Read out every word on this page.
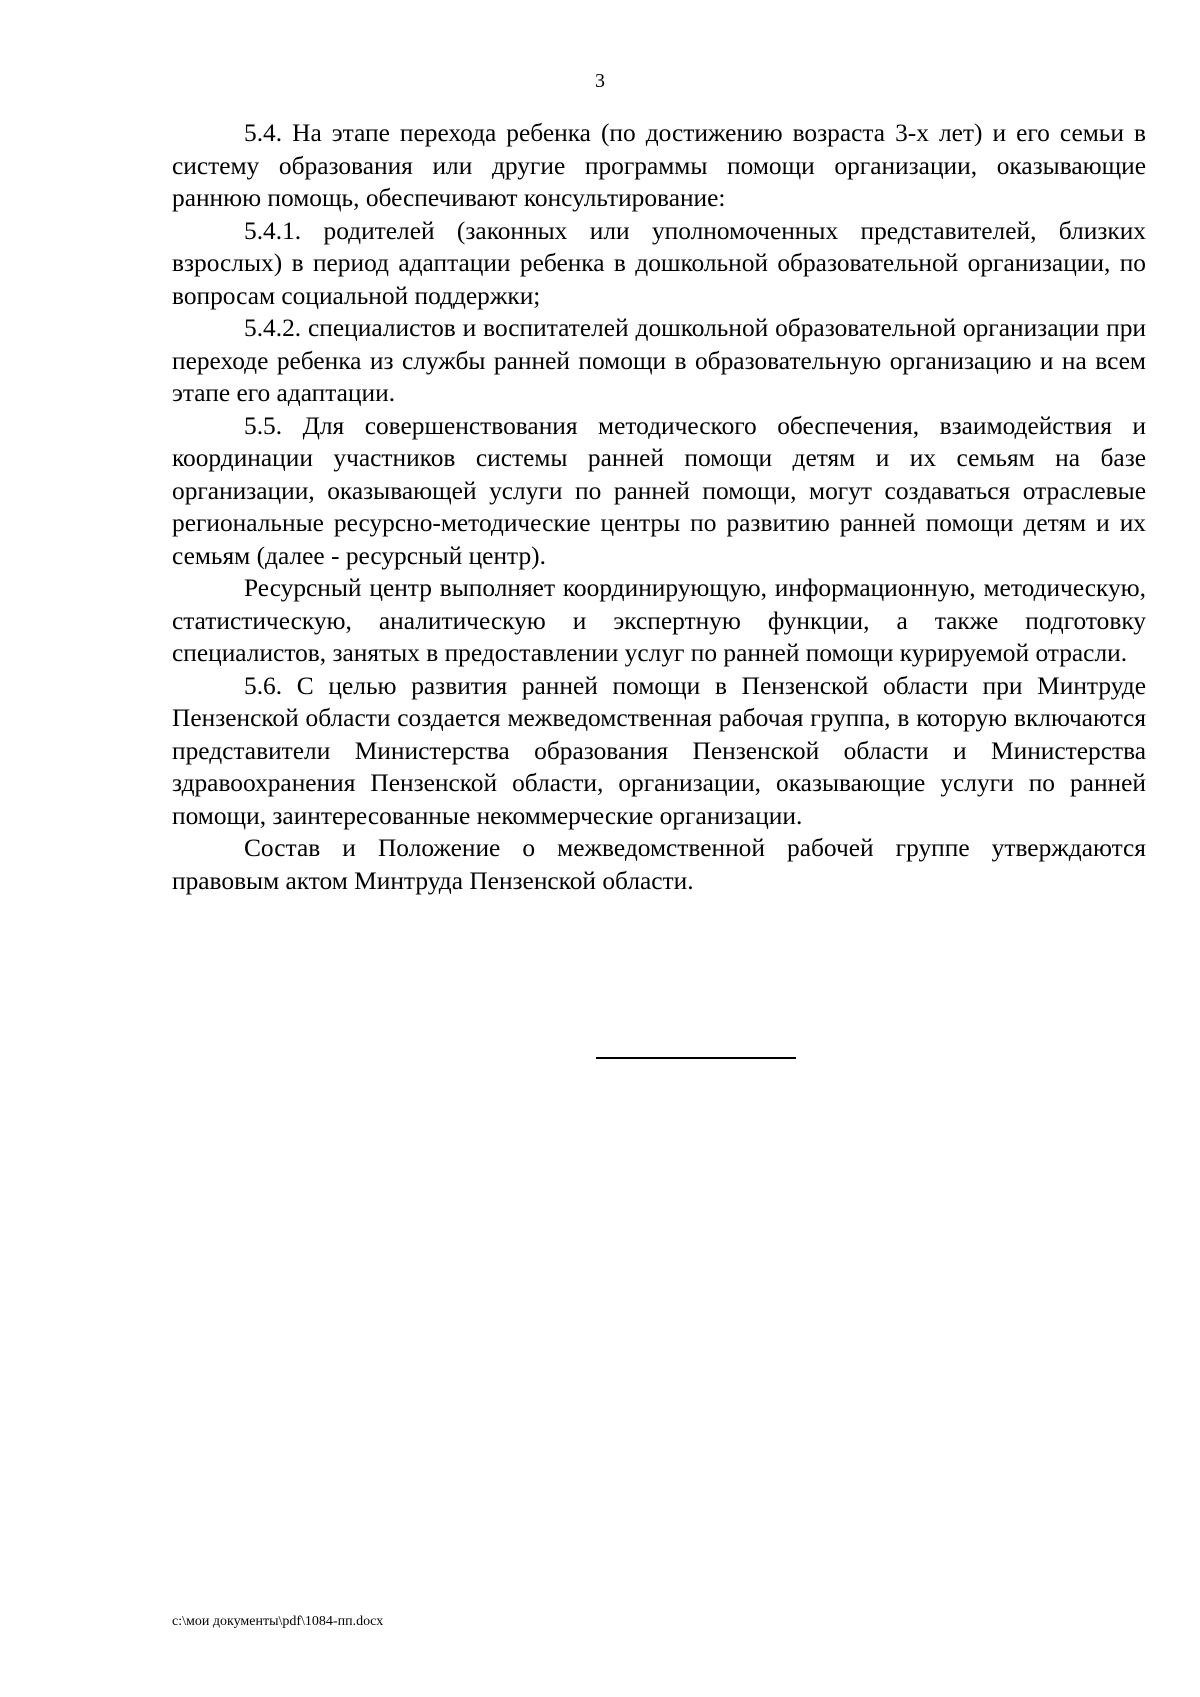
3

5.4. На этапе перехода ребенка (по достижению возраста 3-х лет) и его семьи в систему образования или другие программы помощи организации, оказывающие раннюю помощь, обеспечивают консультирование:

5.4.1. родителей (законных или уполномоченных представителей, близких взрослых) в период адаптации ребенка в дошкольной образовательной организации, по вопросам социальной поддержки;

5.4.2. специалистов и воспитателей дошкольной образовательной организации при переходе ребенка из службы ранней помощи в образовательную организацию и на всем этапе его адаптации.

5.5. Для совершенствования методического обеспечения, взаимодействия и координации участников системы ранней помощи детям и их семьям на базе организации, оказывающей услуги по ранней помощи, могут создаваться отраслевые региональные ресурсно-методические центры по развитию ранней помощи детям и их семьям (далее - ресурсный центр).

Ресурсный центр выполняет координирующую, информационную, методическую, статистическую, аналитическую и экспертную функции, а также подготовку специалистов, занятых в предоставлении услуг по ранней помощи курируемой отрасли.

5.6. С целью развития ранней помощи в Пензенской области при Минтруде Пензенской области создается межведомственная рабочая группа, в которую включаются представители Министерства образования Пензенской области и Министерства здравоохранения Пензенской области, организации, оказывающие услуги по ранней помощи, заинтересованные некоммерческие организации.

Состав и Положение о межведомственной рабочей группе утверждаются правовым актом Минтруда Пензенской области.

c:\мои документы\pdf\1084-пп.docx
